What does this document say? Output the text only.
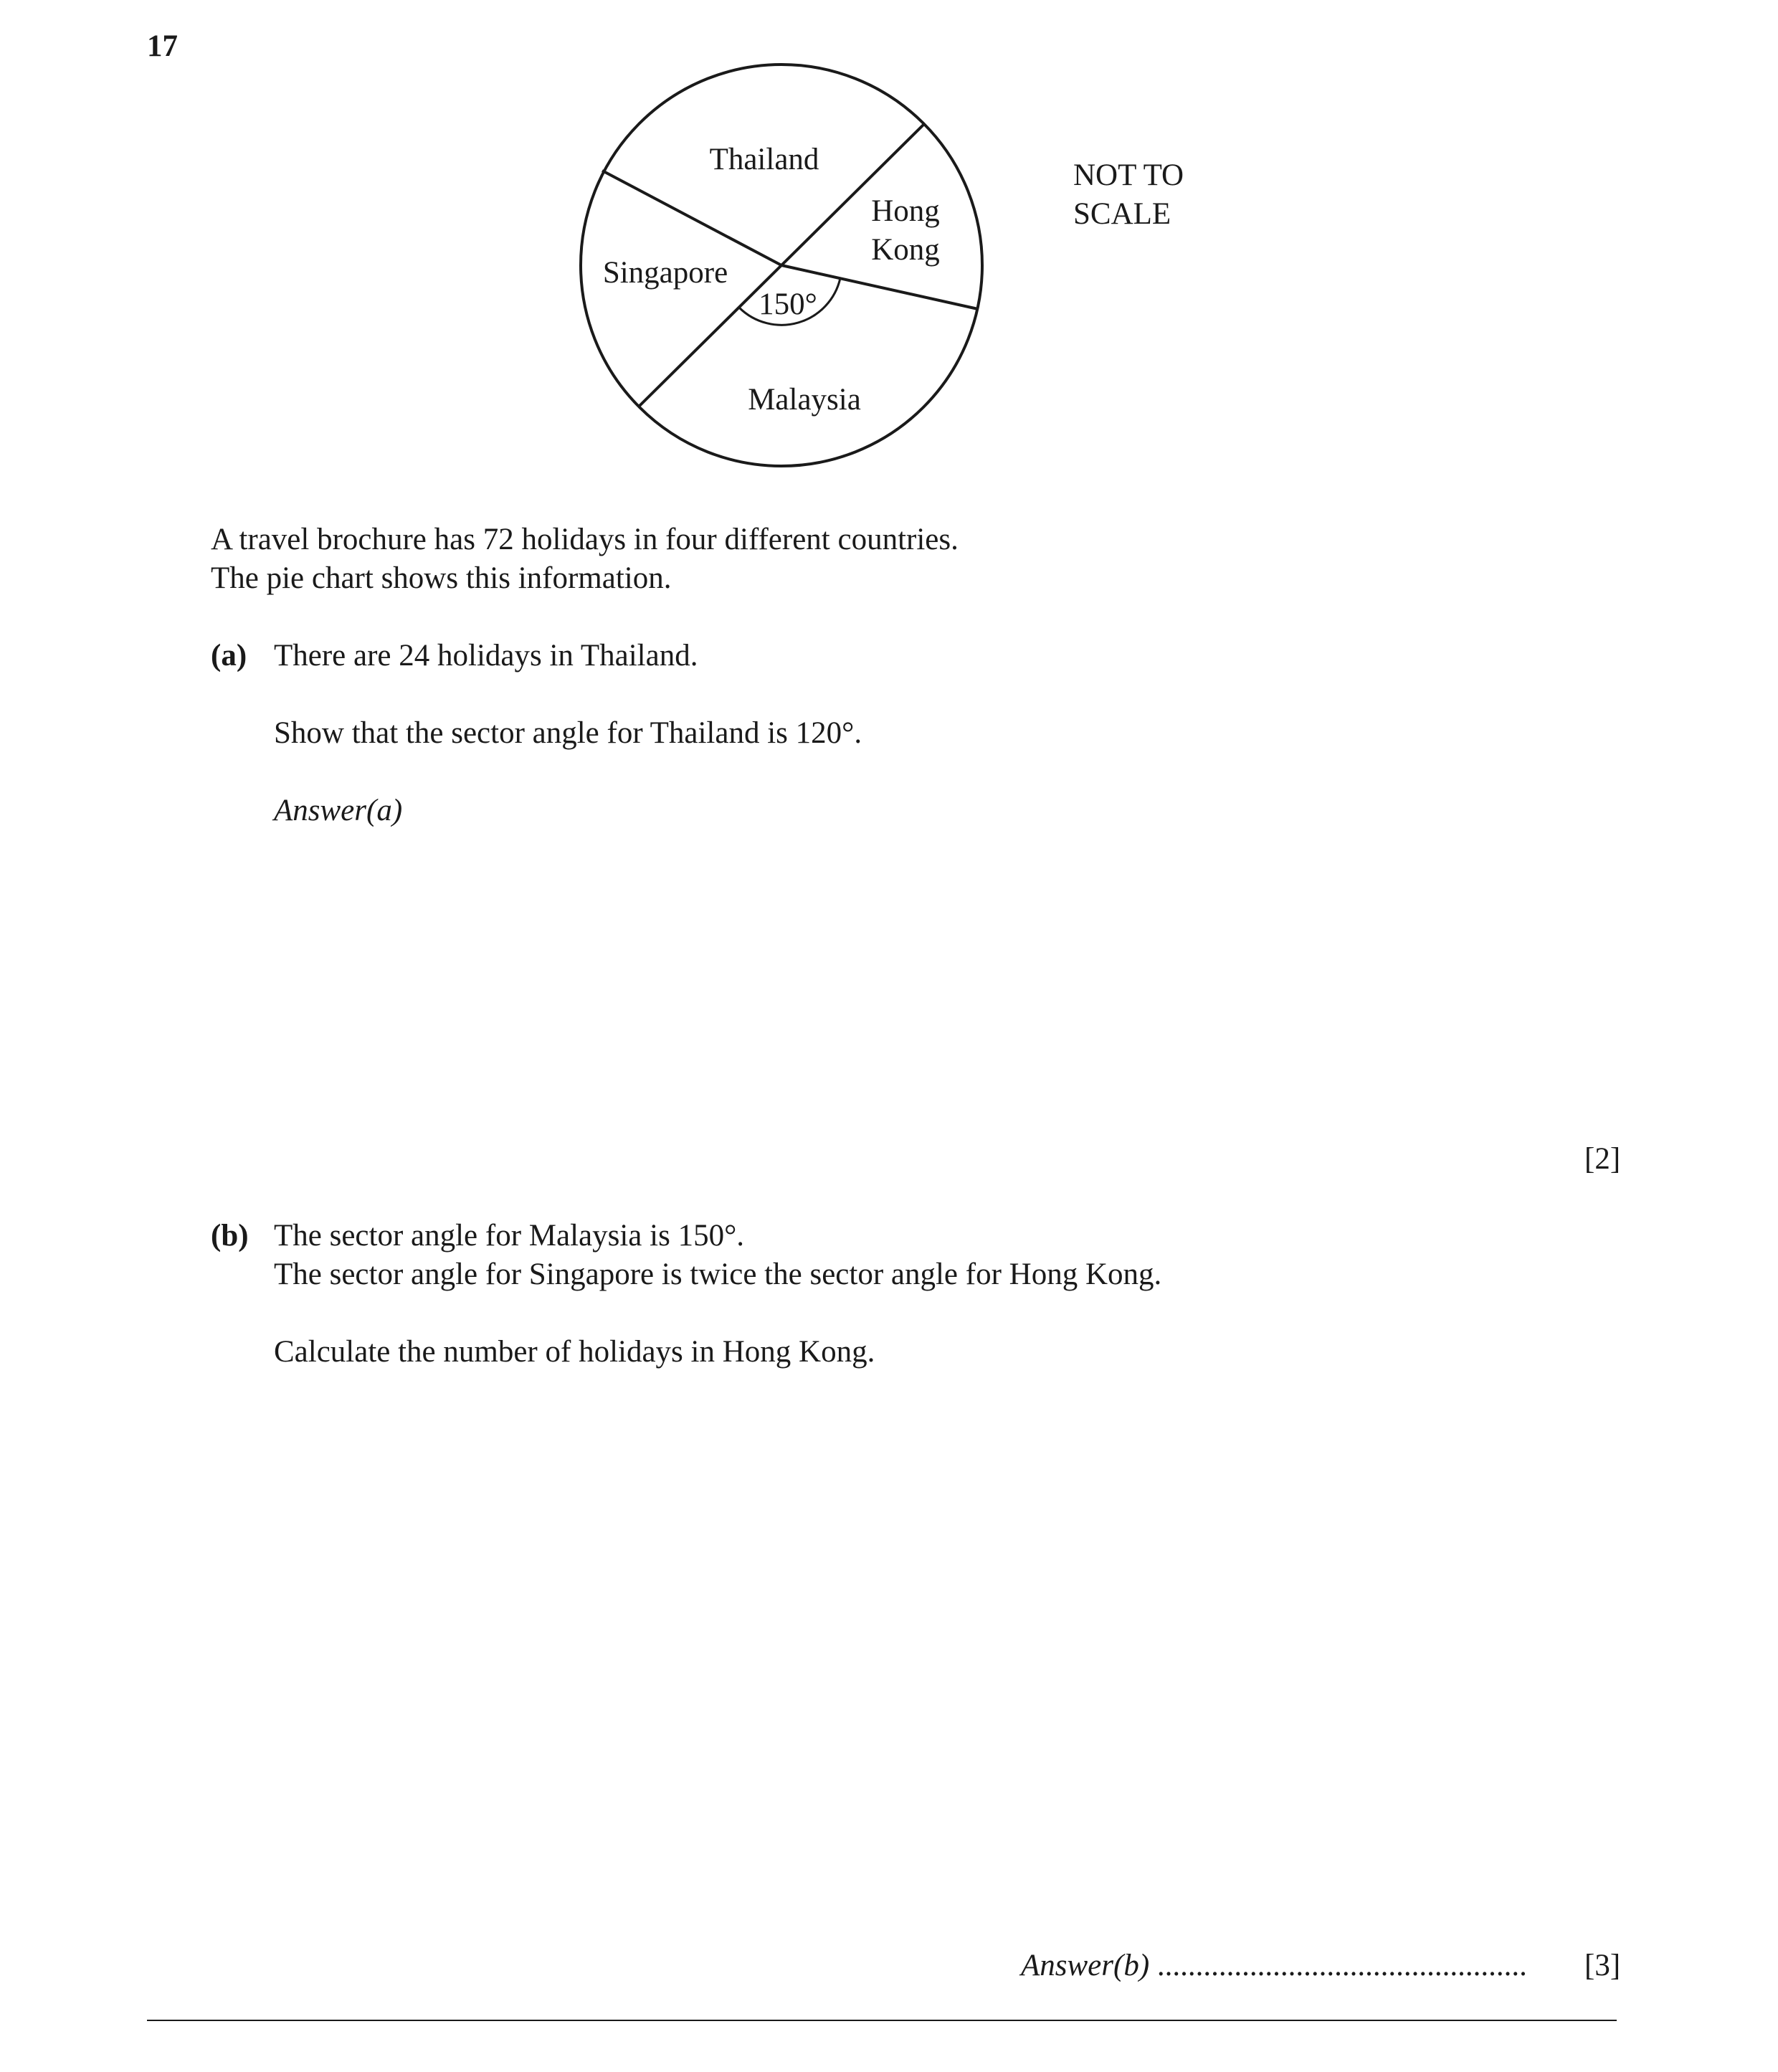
17
Thailand
Hong
Kong
Singapore
Malaysia
150°
NOT TO
SCALE
A travel brochure has 72 holidays in four different countries.
The pie chart shows this information.
(a) There are 24 holidays in Thailand.
Show that the sector angle for Thailand is 120°.
Answer(a)
[2]
(b) The sector angle for Malaysia is 150°.
The sector angle for Singapore is twice the sector angle for Hong Kong.
Calculate the number of holidays in Hong Kong.
Answer(b) ................................................ [3]
